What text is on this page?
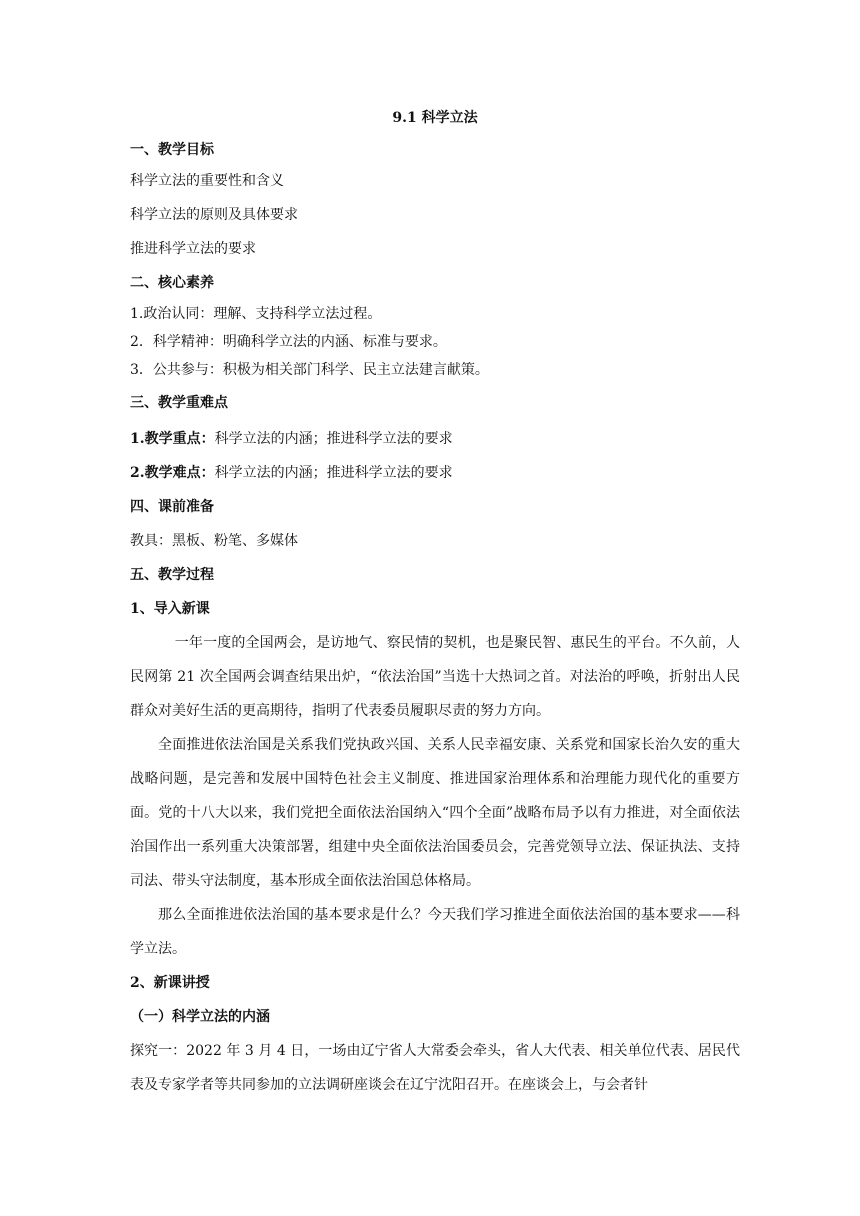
9.1 科学立法
一、教学目标
科学立法的重要性和含义
科学立法的原则及具体要求
推进科学立法的要求
二、核心素养
1.政治认同：理解、支持科学立法过程。
2．科学精神：明确科学立法的内涵、标准与要求。
3．公共参与：积极为相关部门科学、民主立法建言献策。
三、教学重难点
1.教学重点：科学立法的内涵；推进科学立法的要求
2.教学难点：科学立法的内涵；推进科学立法的要求
四、课前准备
教具：黑板、粉笔、多媒体
五、教学过程
1、导入新课

一年一度的全国两会，是访地气、察民情的契机，也是聚民智、惠民生的平台。不久前，人民网第 21 次全国两会调查结果出炉，“依法治国”当选十大热词之首。对法治的呼唤，折射出人民群众对美好生活的更高期待，指明了代表委员履职尽责的努力方向。

全面推进依法治国是关系我们党执政兴国、关系人民幸福安康、关系党和国家长治久安的重大战略问题，是完善和发展中国特色社会主义制度、推进国家治理体系和治理能力现代化的重要方面。党的十八大以来，我们党把全面依法治国纳入“四个全面”战略布局予以有力推进，对全面依法治国作出一系列重大决策部署，组建中央全面依法治国委员会，完善党领导立法、保证执法、支持司法、带头守法制度，基本形成全面依法治国总体格局。

那么全面推进依法治国的基本要求是什么？今天我们学习推进全面依法治国的基本要求——科学立法。

2、新课讲授
（一）科学立法的内涵

探究一：2022 年 3 月 4 日，一场由辽宁省人大常委会牵头，省人大代表、相关单位代表、居民代表及专家学者等共同参加的立法调研座谈会在辽宁沈阳召开。在座谈会上，与会者针
